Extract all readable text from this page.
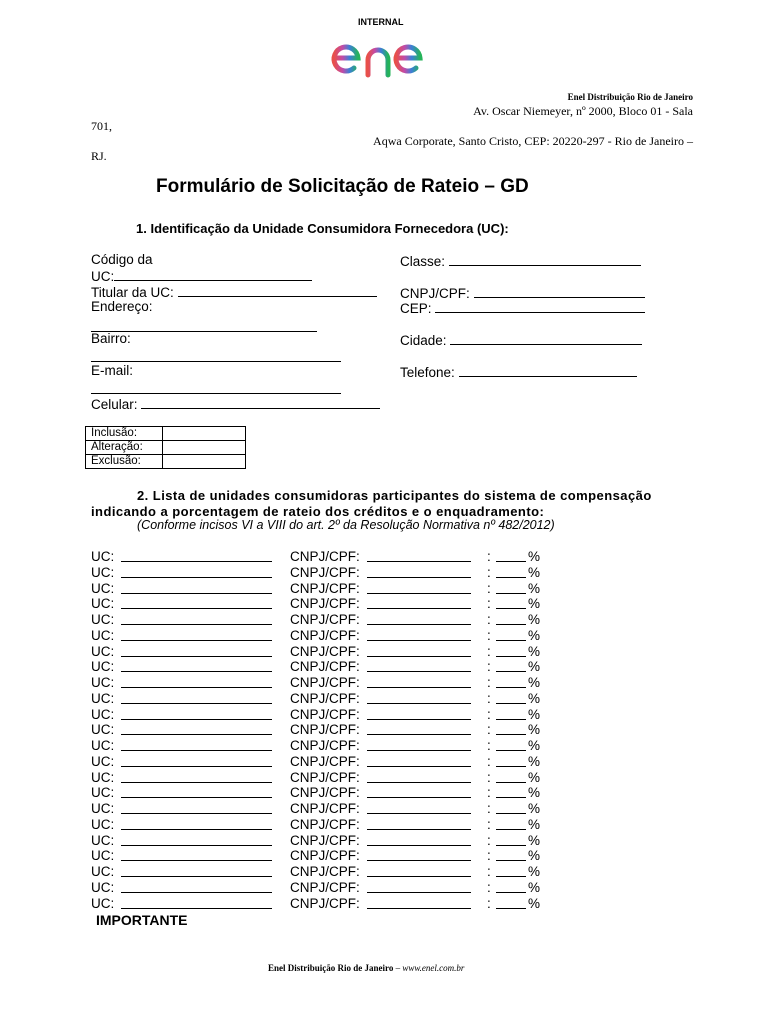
INTERNAL
Enel Distribuição Rio de Janeiro
Av. Oscar Niemeyer, nº 2000, Bloco 01 - Sala
701,
Aqwa Corporate, Santo Cristo, CEP: 20220-297 - Rio de Janeiro –
RJ.
Formulário de Solicitação de Rateio – GD
1. Identificação da Unidade Consumidora Fornecedora (UC):
Código da
UC:
Classe:
Titular da UC:	CNPJ/CPF:
Endereço:	CEP:
Bairro:	Cidade:
E-mail:	Telefone:
Celular:
Inclusão:	
Alteração:	
Exclusão:	
2. Lista de unidades consumidoras participantes do sistema de compensação indicando a porcentagem de rateio dos créditos e o enquadramento:
(Conforme incisos VI a VIII do art. 2º da Resolução Normativa nº 482/2012)
UC:	CNPJ/CPF:	:	%
UC:	CNPJ/CPF:	:	%
UC:	CNPJ/CPF:	:	%
UC:	CNPJ/CPF:	:	%
UC:	CNPJ/CPF:	:	%
UC:	CNPJ/CPF:	:	%
UC:	CNPJ/CPF:	:	%
UC:	CNPJ/CPF:	:	%
UC:	CNPJ/CPF:	:	%
UC:	CNPJ/CPF:	:	%
UC:	CNPJ/CPF:	:	%
UC:	CNPJ/CPF:	:	%
UC:	CNPJ/CPF:	:	%
UC:	CNPJ/CPF:	:	%
UC:	CNPJ/CPF:	:	%
UC:	CNPJ/CPF:	:	%
UC:	CNPJ/CPF:	:	%
UC:	CNPJ/CPF:	:	%
UC:	CNPJ/CPF:	:	%
UC:	CNPJ/CPF:	:	%
UC:	CNPJ/CPF:	:	%
UC:	CNPJ/CPF:	:	%
UC:	CNPJ/CPF:	:	%
IMPORTANTE
Enel Distribuição Rio de Janeiro – www.enel.com.br
